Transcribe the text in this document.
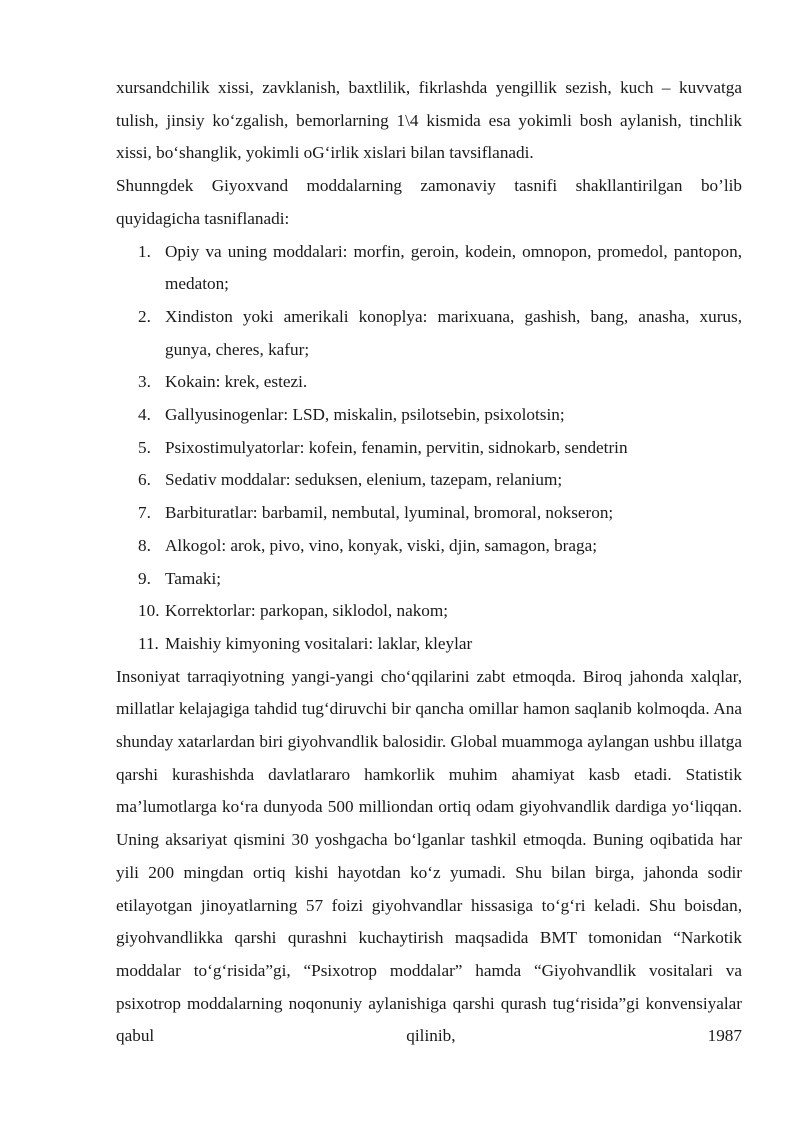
xursandchilik xissi, zavklanish, baxtlilik, fikrlashda yengillik sezish, kuch – kuvvatga tulish, jinsiy ko‘zgalish, bemorlarning 1\4 kismida esa yokimli bosh aylanish, tinchlik xissi, bo‘shanglik, yokimli oG‘irlik xislari bilan tavsiflanadi.

Shunngdek Giyoxvand moddalarning zamonaviy tasnifi shakllantirilgan bo’lib quyidagicha tasniflanadi:

1. Opiy va uning moddalari: morfin, geroin, kodein, omnopon, promedol, pantopon, medaton;
2. Xindiston yoki amerikali konoplya: marixuana, gashish, bang, anasha, xurus, gunya, cheres, kafur;
3. Kokain: krek, estezi.
4. Gallyusinogenlar: LSD, miskalin, psilotsebin, psixolotsin;
5. Psixostimulyatorlar: kofein, fenamin, pervitin, sidnokarb, sendetrin
6. Sedativ moddalar: seduksen, elenium, tazepam, relanium;
7. Barbituratlar: barbamil, nembutal, lyuminal, bromoral, nokseron;
8. Alkogol: arok, pivo, vino, konyak, viski, djin, samagon, braga;
9. Tamaki;
10. Korrektorlar: parkopan, siklodol, nakom;
11. Maishiy kimyoning vositalari: laklar, kleylar

Insoniyat tarraqiyotning yangi-yangi cho‘qqilarini zabt etmoqda. Biroq jahonda xalqlar, millatlar kelajagiga tahdid tug‘diruvchi bir qancha omillar hamon saqlanib kolmoqda. Ana shunday xatarlardan biri giyohvandlik balosidir. Global muammoga aylangan ushbu illatga qarshi kurashishda davlatlararo hamkorlik muhim ahamiyat kasb etadi. Statistik ma’lumotlarga ko‘ra dunyoda 500 milliondan ortiq odam giyohvandlik dardiga yo‘liqqan. Uning aksariyat qismini 30 yoshgacha bo‘lganlar tashkil etmoqda. Buning oqibatida har yili 200 mingdan ortiq kishi hayotdan ko‘z yumadi. Shu bilan birga, jahonda sodir etilayotgan jinoyatlarning 57 foizi giyohvandlar hissasiga to‘g‘ri keladi. Shu boisdan, giyohvandlikka qarshi qurashni kuchaytirish maqsadida BMT tomonidan “Narkotik moddalar to‘g‘risida”gi, “Psixotrop moddalar” hamda “Giyohvandlik vositalari va psixotrop moddalarning noqonuniy aylanishiga qarshi qurash tug‘risida”gi konvensiyalar qabul qilinib, 1987
